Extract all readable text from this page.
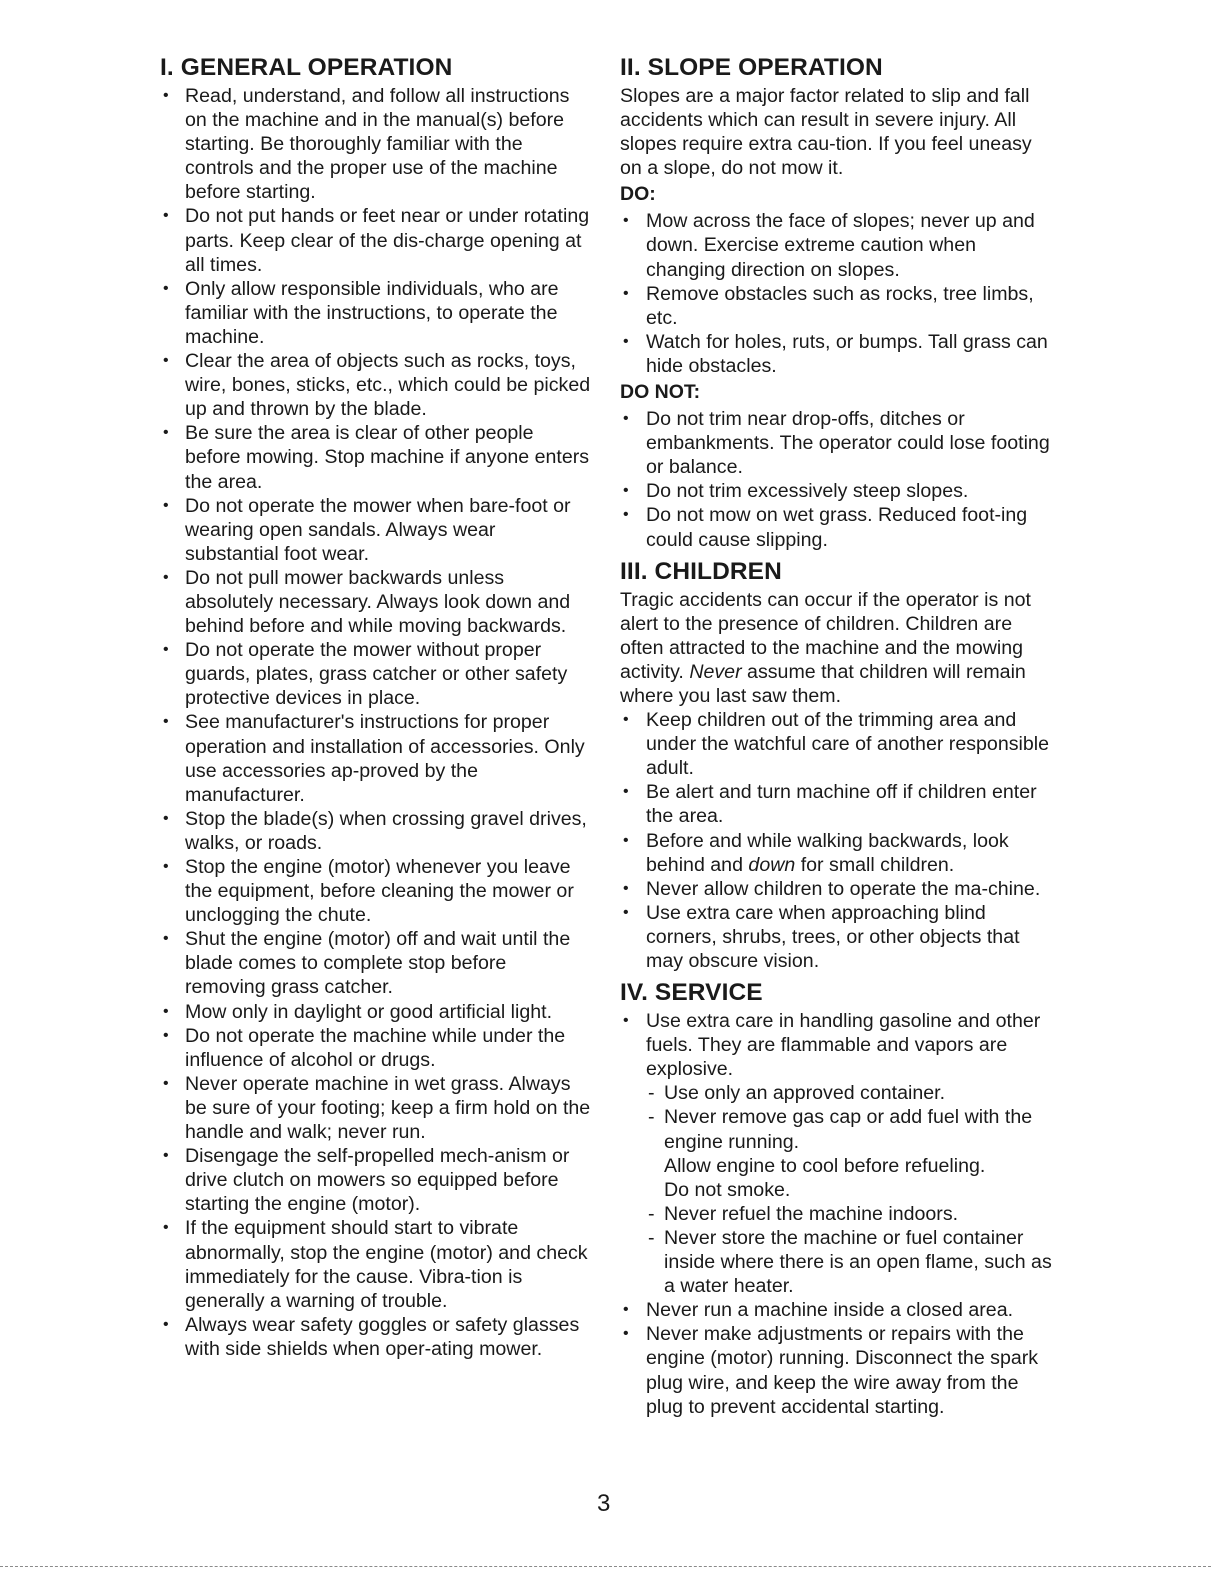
I. GENERAL OPERATION
• Read, understand, and follow all instructions on the machine and in the manual(s) before starting. Be thoroughly familiar with the controls and the proper use of the machine before starting.
• Do not put hands or feet near or under rotating parts. Keep clear of the dis-charge opening at all times.
• Only allow responsible individuals, who are familiar with the instructions, to operate the machine.
• Clear the area of objects such as rocks, toys, wire, bones, sticks, etc., which could be picked up and thrown by the blade.
• Be sure the area is clear of other people before mowing. Stop machine if anyone enters the area.
• Do not operate the mower when bare-foot or wearing open sandals. Always wear substantial foot wear.
• Do not pull mower backwards unless absolutely necessary. Always look down and behind before and while moving backwards.
• Do not operate the mower without proper guards, plates, grass catcher or other safety protective devices in place.
• See manufacturer's instructions for proper operation and installation of accessories. Only use accessories ap-proved by the manufacturer.
• Stop the blade(s) when crossing gravel drives, walks, or roads.
• Stop the engine (motor) whenever you leave the equipment, before cleaning the mower or unclogging the chute.
• Shut the engine (motor) off and wait until the blade comes to complete stop before removing grass catcher.
• Mow only in daylight or good artificial light.
• Do not operate the machine while under the influence of alcohol or drugs.
• Never operate machine in wet grass. Always be sure of your footing; keep a firm hold on the handle and walk; never run.
• Disengage the self-propelled mech-anism or drive clutch on mowers so equipped before starting the engine (motor).
• If the equipment should start to vibrate abnormally, stop the engine (motor) and check immediately for the cause. Vibra-tion is generally a warning of trouble.
• Always wear safety goggles or safety glasses with side shields when oper-ating mower.
II. SLOPE OPERATION

Slopes are a major factor related to slip and fall accidents which can result in severe injury. All slopes require extra cau-tion. If you feel uneasy on a slope, do not mow it.

DO:
• Mow across the face of slopes; never up and down. Exercise extreme caution when changing direction on slopes.
• Remove obstacles such as rocks, tree limbs, etc.
• Watch for holes, ruts, or bumps. Tall grass can hide obstacles.
DO NOT:
• Do not trim near drop-offs, ditches or embankments. The operator could lose footing or balance.
• Do not trim excessively steep slopes.
• Do not mow on wet grass. Reduced foot-ing could cause slipping.
III. CHILDREN

Tragic accidents can occur if the operator is not alert to the presence of children. Children are often attracted to the machine and the mowing activity. Never assume that children will remain where you last saw them.

• Keep children out of the trimming area and under the watchful care of another responsible adult.
• Be alert and turn machine off if children enter the area.
• Before and while walking backwards, look behind and down for small children.
• Never allow children to operate the ma-chine.
• Use extra care when approaching blind corners, shrubs, trees, or other objects that may obscure vision.
IV. SERVICE
• Use extra care in handling gasoline and other fuels. They are flammable and vapors are explosive.
- Use only an approved container.
- Never remove gas cap or add fuel with the engine running.
Allow engine to cool before refueling.
Do not smoke.
- Never refuel the machine indoors.
- Never store the machine or fuel container inside where there is an open flame, such as a water heater.
• Never run a machine inside a closed area.
• Never make adjustments or repairs with the engine (motor) running. Disconnect the spark plug wire, and keep the wire away from the plug to prevent accidental starting.
3
